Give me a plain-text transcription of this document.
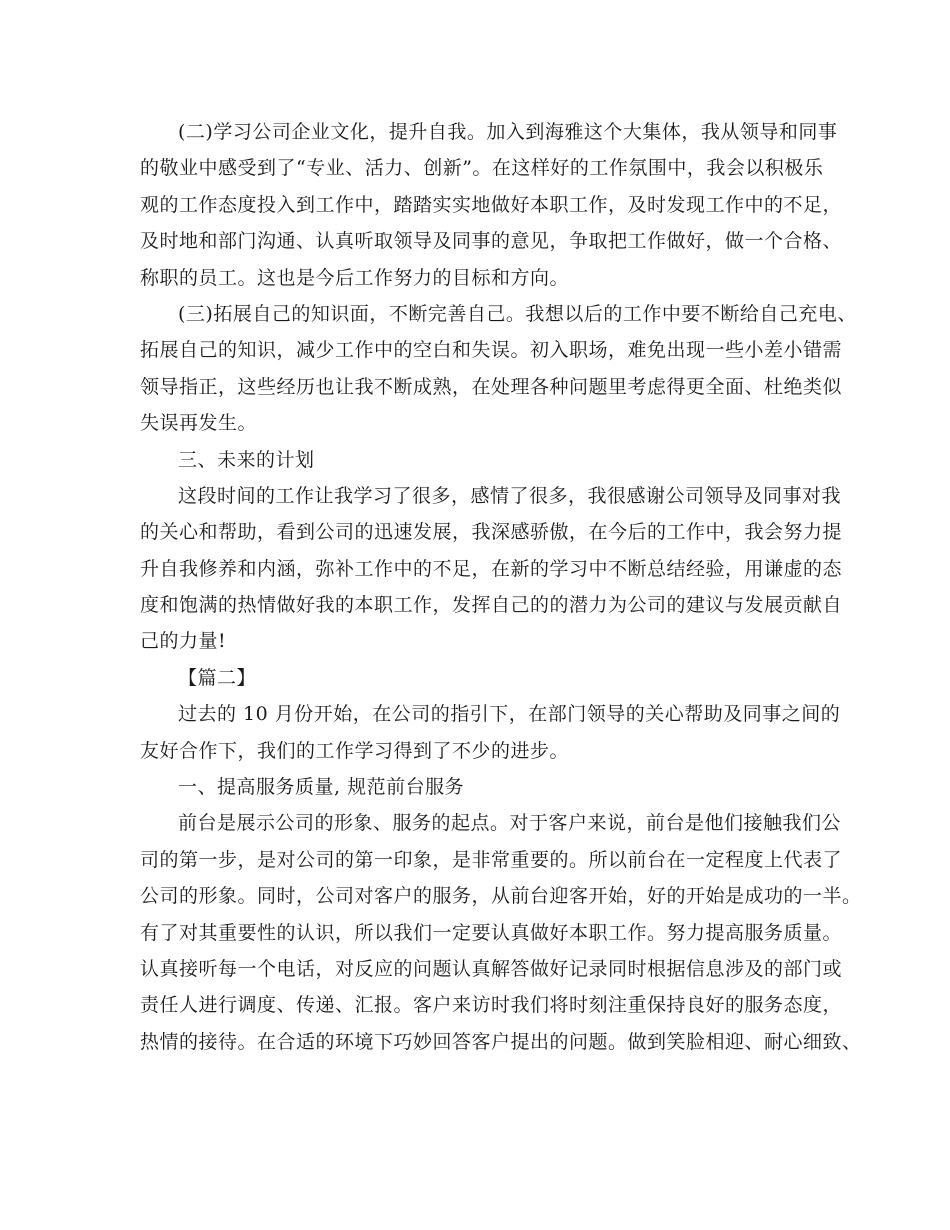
(二)学习公司企业文化，提升自我。加入到海雅这个大集体，我从领导和同事
的敬业中感受到了“专业、活力、创新”。在这样好的工作氛围中，我会以积极乐
观的工作态度投入到工作中，踏踏实实地做好本职工作，及时发现工作中的不足，
及时地和部门沟通、认真听取领导及同事的意见，争取把工作做好，做一个合格、
称职的员工。这也是今后工作努力的目标和方向。
(三)拓展自己的知识面，不断完善自己。我想以后的工作中要不断给自己充电、
拓展自己的知识，减少工作中的空白和失误。初入职场，难免出现一些小差小错需
领导指正，这些经历也让我不断成熟，在处理各种问题里考虑得更全面、杜绝类似
失误再发生。
三、未来的计划
这段时间的工作让我学习了很多，感情了很多，我很感谢公司领导及同事对我
的关心和帮助，看到公司的迅速发展，我深感骄傲，在今后的工作中，我会努力提
升自我修养和内涵，弥补工作中的不足，在新的学习中不断总结经验，用谦虚的态
度和饱满的热情做好我的本职工作，发挥自己的的潜力为公司的建议与发展贡献自
己的力量!
【篇二】
过去的 10 月份开始，在公司的指引下，在部门领导的关心帮助及同事之间的
友好合作下，我们的工作学习得到了不少的进步。
一、提高服务质量, 规范前台服务
前台是展示公司的形象、服务的起点。对于客户来说，前台是他们接触我们公
司的第一步，是对公司的第一印象，是非常重要的。所以前台在一定程度上代表了
公司的形象。同时，公司对客户的服务，从前台迎客开始，好的开始是成功的一半。
有了对其重要性的认识，所以我们一定要认真做好本职工作。努力提高服务质量。
认真接听每一个电话，对反应的问题认真解答做好记录同时根据信息涉及的部门或
责任人进行调度、传递、汇报。客户来访时我们将时刻注重保持良好的服务态度，
热情的接待。在合适的环境下巧妙回答客户提出的问题。做到笑脸相迎、耐心细致、
